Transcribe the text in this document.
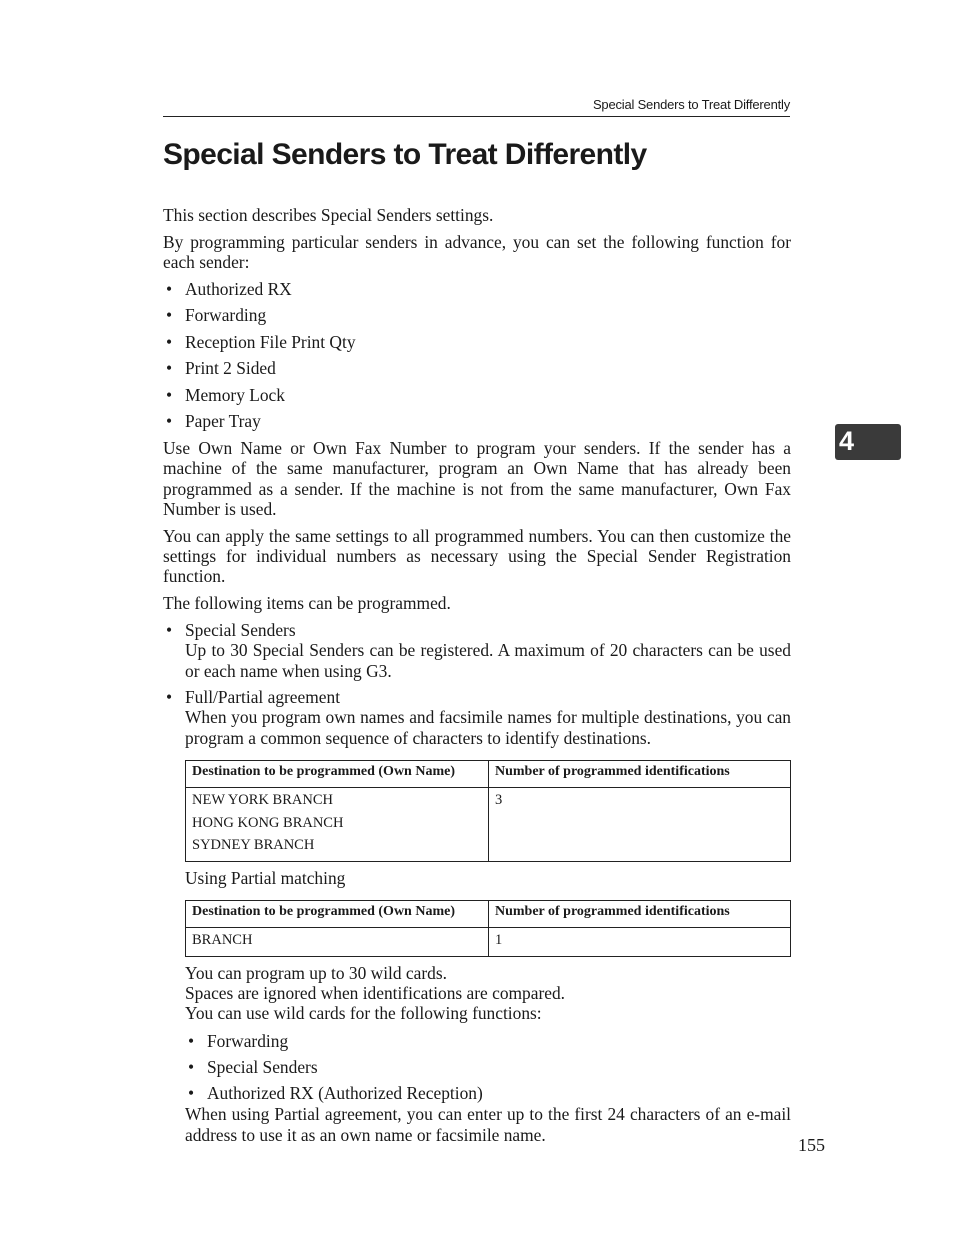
Special Senders to Treat Differently
Special Senders to Treat Differently
4

This section describes Special Senders settings.

By programming particular senders in advance, you can set the following function for each sender:

• Authorized RX
• Forwarding
• Reception File Print Qty
• Print 2 Sided
• Memory Lock
• Paper Tray

Use Own Name or Own Fax Number to program your senders. If the sender has a machine of the same manufacturer, program an Own Name that has already been programmed as a sender. If the machine is not from the same manufacturer, Own Fax Number is used.

You can apply the same settings to all programmed numbers. You can then customize the settings for individual numbers as necessary using the Special Sender Registration function.

The following items can be programmed.

• Special Senders
Up to 30 Special Senders can be registered. A maximum of 20 characters can be used or each name when using G3.
• Full/Partial agreement
When you program own names and facsimile names for multiple destinations, you can program a common sequence of characters to identify destinations.
Destination to be programmed (Own Name)	Number of programmed identifications

NEW YORK BRANCH
HONG KONG BRANCH
SYDNEY BRANCH	3

Using Partial matching

Destination to be programmed (Own Name)	Number of programmed identifications

BRANCH	1

You can program up to 30 wild cards.

Spaces are ignored when identifications are compared.

You can use wild cards for the following functions:

• Forwarding
• Special Senders
• Authorized RX (Authorized Reception)

When using Partial agreement, you can enter up to the first 24 characters of an e-mail address to use it as an own name or facsimile name.

155
